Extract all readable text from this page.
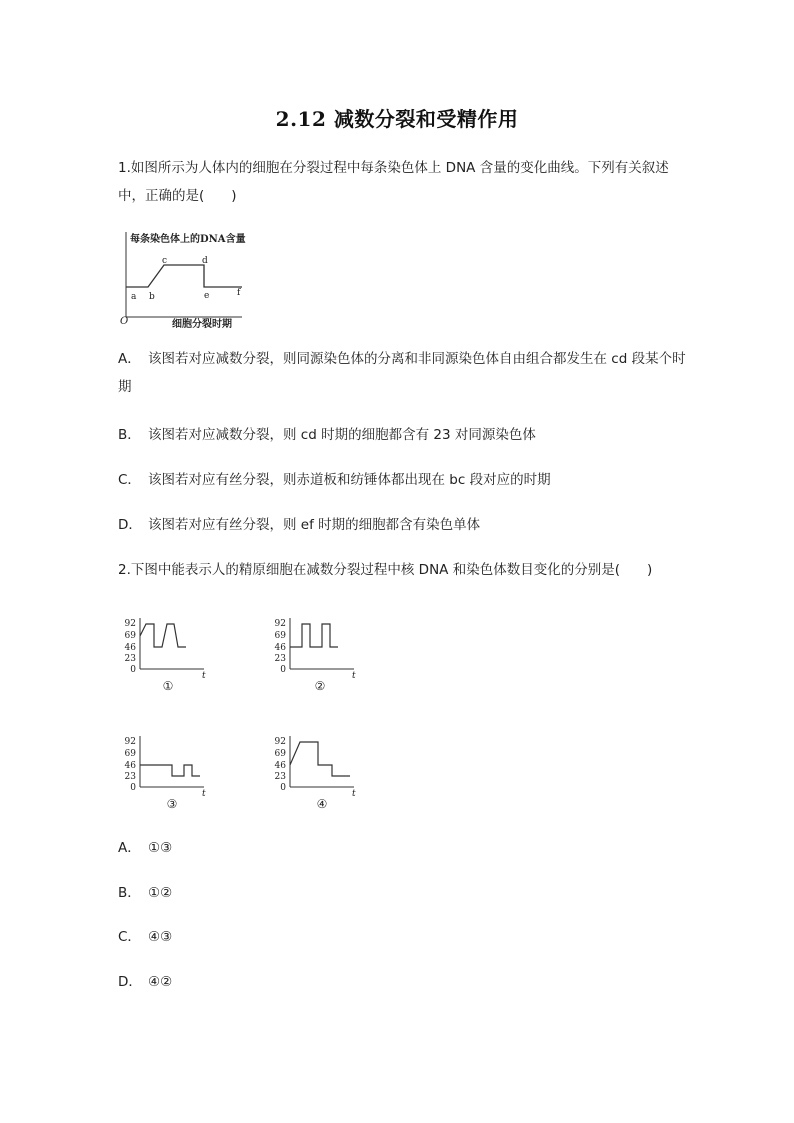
2.12 减数分裂和受精作用
1.如图所示为人体内的细胞在分裂过程中每条染色体上 DNA 含量的变化曲线。下列有关叙述中，正确的是(　　)
每条染色体上的DNA含量
O
a b
c	d
e	f
细胞分裂时期
A． 该图若对应减数分裂，则同源染色体的分离和非同源染色体自由组合都发生在 cd 段某个时期
B． 该图若对应减数分裂，则 cd 时期的细胞都含有 23 对同源染色体
C． 该图若对应有丝分裂，则赤道板和纺锤体都出现在 bc 段对应的时期
D． 该图若对应有丝分裂，则 ef 时期的细胞都含有染色单体
2.下图中能表示人的精原细胞在减数分裂过程中核 DNA 和染色体数目变化的分别是(　　)
92
69
46
23
0
t
①
92
69
46
23
0
t
②
92
69
46
23
0
t
③
92
69
46
23
0
t
④
A． ①③
B． ①②
C． ④③
D． ④②
